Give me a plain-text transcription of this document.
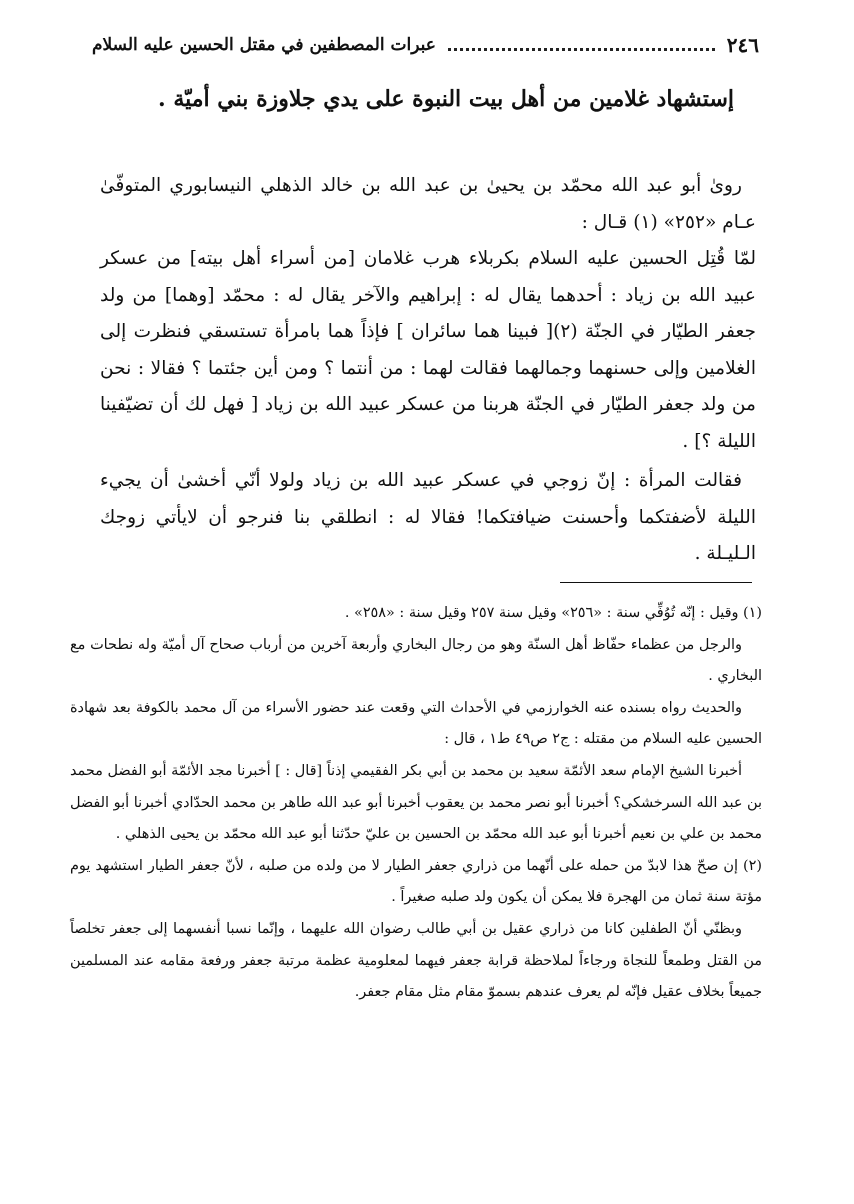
٢٤٦
عبرات المصطفين في مقتل الحسين عليه السلام
إستشهاد غلامين من أهل بيت النبوة على يدي جلاوزة بني أميّة .

روىٰ أبو عبد الله محمّد بن يحيىٰ بن عبد الله بن خالد الذهلي النيسابوري المتوفّىٰ عـام «٢٥٢» (١) قـال :

لمّا قُتِل الحسين عليه السلام بكربلاء هرب غلامان [من أسراء أهل بيته] من عسكر عبيد الله بن زياد : أحدهما يقال له : إبراهيم والآخر يقال له : محمّد [وهما] من ولد جعفر الطيّار في الجنّة (٢)[ فبينا هما سائران ] فإذاً هما بامرأة تستسقي فنظرت إلى الغلامين وإلى حسنهما وجمالهما فقالت لهما : من أنتما ؟ ومن أين جئتما ؟ فقالا : نحن من ولد جعفر الطيّار في الجنّة هربنا من عسكر عبيد الله بن زياد [ فهل لك أن تضيّفينا الليلة ؟] .

فقالت المرأة : إنّ زوجي في عسكر عبيد الله بن زياد ولولا أنّي أخشىٰ أن يجيء الليلة لأضفتكما وأحسنت ضيافتكما! فقالا له : انطلقي بنا فنرجو أن لايأتي زوجك الـليـلة .

(١) وقيل : إنّه تُوُفِّي سنة : «٢٥٦» وقيل سنة ٢٥٧ وقيل سنة : «٢٥٨» .

والرجل من عظماء حفّاظ أهل السنّة وهو من رجال البخاري وأربعة آخرين من أرباب صحاح آل أميّة وله نطحات مع البخاري .

والحديث رواه بسنده عنه الخوارزمي في الأحداث التي وقعت عند حضور الأسراء من آل محمد بالكوفة بعد شهادة الحسين عليه السلام من مقتله : ج٢ ص٤٩ ط١ ، قال :

أخبرنا الشيخ الإمام سعد الأئمّة سعيد بن محمد بن أبي بكر الفقيمي إذناً [قال : ] أخبرنا مجد الأئمّة أبو الفضل محمد بن عبد الله السرخشكي؟ أخبرنا أبو نصر محمد بن يعقوب أخبرنا أبو عبد الله طاهر بن محمد الحدّادي أخبرنا أبو الفضل محمد بن علي بن نعيم أخبرنا أبو عبد الله محمّد بن الحسين بن عليّ حدّثنا أبو عبد الله محمّد بن يحيى الذهلي .

(٢) إن صحّ هذا لابدّ من حمله على أنّهما من ذراري جعفر الطيار لا من ولده من صلبه ، لأنّ جعفر الطيار استشهد يوم مؤتة سنة ثمان من الهجرة فلا يمكن أن يكون ولد صلبه صغيراً .

وبظنّي أنّ الطفلين كانا من ذراري عقيل بن أبي طالب رضوان الله عليهما ، وإنّما نسبا أنفسهما إلى جعفر تخلصاً من القتل وطمعاً للنجاة ورجاءاً لملاحظة قرابة جعفر فيهما لمعلومية عظمة مرتبة جعفر ورفعة مقامه عند المسلمين جميعاً بخلاف عقيل فإنّه لم يعرف عندهم بسموّ مقام مثل مقام جعفر.
